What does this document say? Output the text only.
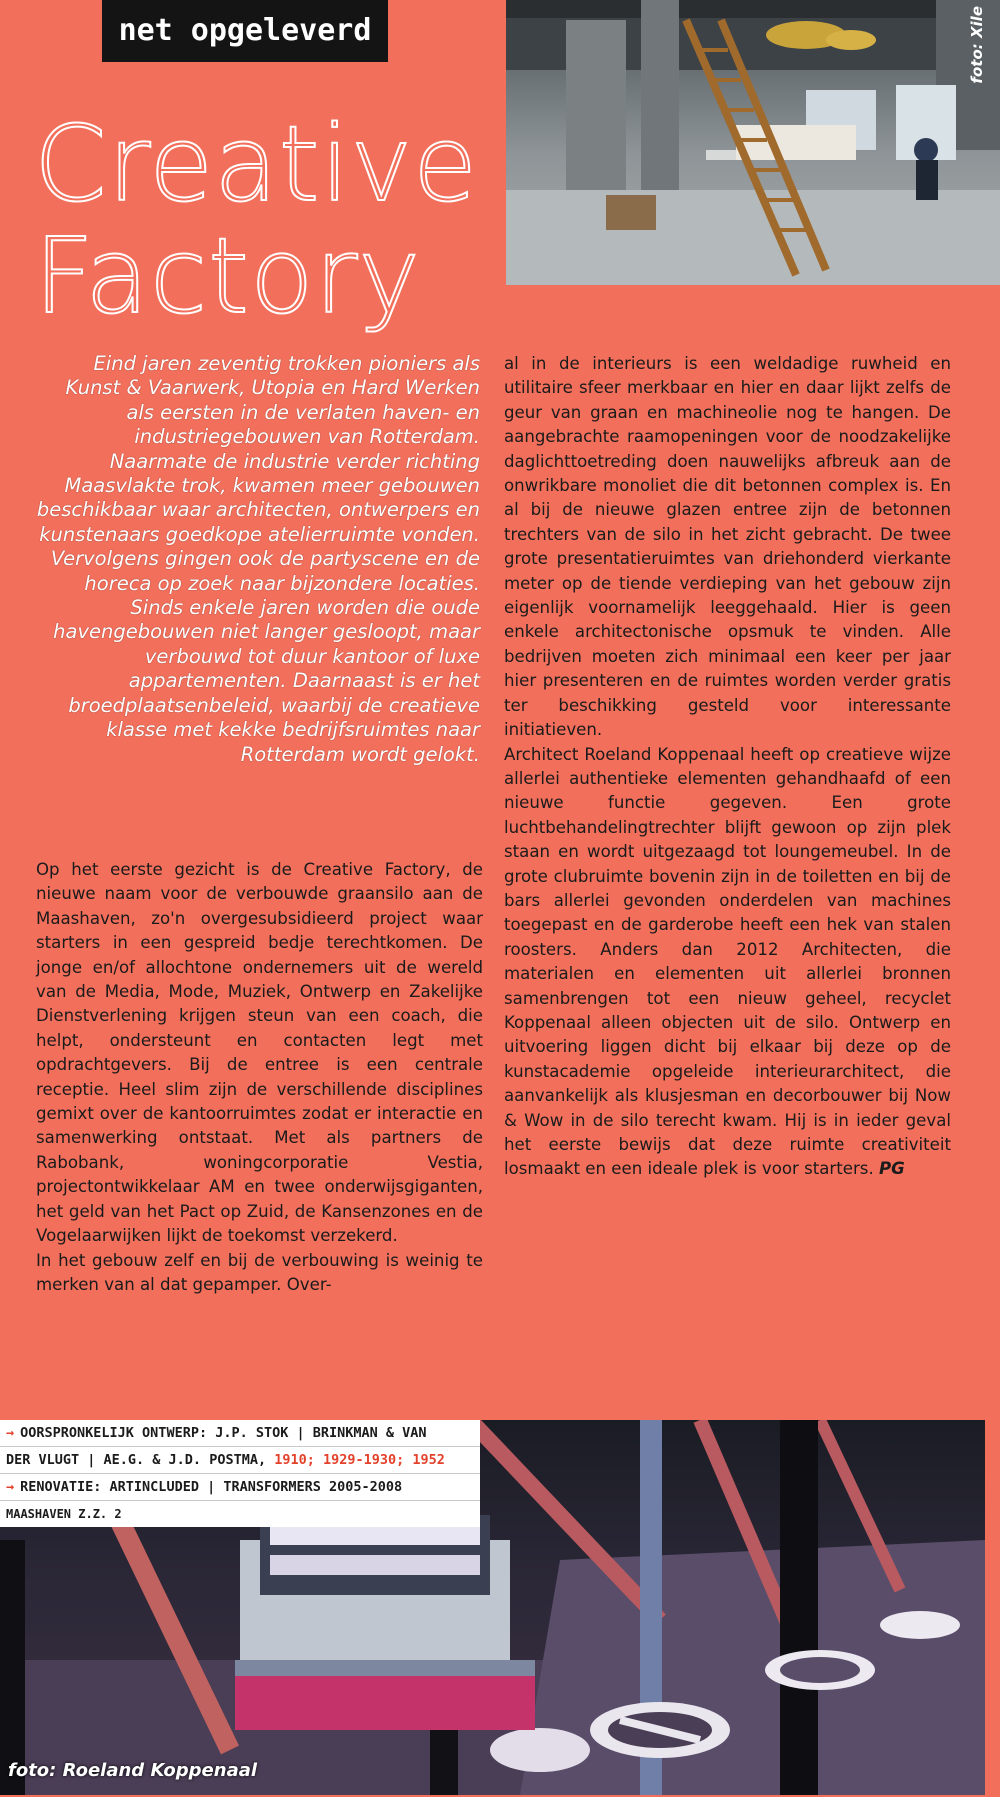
net opgeleverd
Creative
Factory
foto: Xile

Eind jaren zeventig trokken pioniers als Kunst & Vaarwerk, Utopia en Hard Werken als eersten in de verlaten haven- en industriegebouwen van Rotterdam. Naarmate de industrie verder richting Maasvlakte trok, kwamen meer gebouwen beschikbaar waar architecten, ontwerpers en kunstenaars goedkope atelierruimte vonden. Vervolgens gingen ook de partyscene en de horeca op zoek naar bijzondere locaties. Sinds enkele jaren worden die oude havengebouwen niet langer gesloopt, maar verbouwd tot duur kantoor of luxe appartementen. Daarnaast is er het broedplaatsenbeleid, waarbij de creatieve klasse met kekke bedrijfsruimtes naar Rotterdam wordt gelokt.

Op het eerste gezicht is de Creative Factory, de nieuwe naam voor de verbouwde graansilo aan de Maashaven, zo'n overgesubsidieerd project waar starters in een gespreid bedje terechtkomen. De jonge en/of allochtone ondernemers uit de wereld van de Media, Mode, Muziek, Ontwerp en Zakelijke Dienstverlening krijgen steun van een coach, die helpt, ondersteunt en contacten legt met opdrachtgevers. Bij de entree is een centrale receptie. Heel slim zijn de verschillende disciplines gemixt over de kantoorruimtes zodat er interactie en samenwerking ontstaat. Met als partners de Rabobank, woningcorporatie Vestia, projectontwikkelaar AM en twee onderwijsgiganten, het geld van het Pact op Zuid, de Kansenzones en de Vogelaarwijken lijkt de toekomst verzekerd.

In het gebouw zelf en bij de verbouwing is weinig te merken van al dat gepamper. Over-

al in de interieurs is een weldadige ruwheid en utilitaire sfeer merkbaar en hier en daar lijkt zelfs de geur van graan en machineolie nog te hangen. De aangebrachte raamopeningen voor de noodzakelijke daglichttoetreding doen nauwelijks afbreuk aan de onwrikbare monoliet die dit betonnen complex is. En al bij de nieuwe glazen entree zijn de betonnen trechters van de silo in het zicht gebracht. De twee grote presentatieruimtes van driehonderd vierkante meter op de tiende verdieping van het gebouw zijn eigenlijk voornamelijk leeggehaald. Hier is geen enkele architectonische opsmuk te vinden. Alle bedrijven moeten zich minimaal een keer per jaar hier presenteren en de ruimtes worden verder gratis ter beschikking gesteld voor interessante initiatieven.

Architect Roeland Koppenaal heeft op creatieve wijze allerlei authentieke elementen gehandhaafd of een nieuwe functie gegeven. Een grote luchtbehandelingtrechter blijft gewoon op zijn plek staan en wordt uitgezaagd tot loungemeubel. In de grote clubruimte bovenin zijn in de toiletten en bij de bars allerlei gevonden onderdelen van machines toegepast en de garderobe heeft een hek van stalen roosters. Anders dan 2012 Architecten, die materialen en elementen uit allerlei bronnen samenbrengen tot een nieuw geheel, recyclet Koppenaal alleen objecten uit de silo. Ontwerp en uitvoering liggen dicht bij elkaar bij deze op de kunstacademie opgeleide interieurarchitect, die aanvankelijk als klusjesman en decorbouwer bij Now & Wow in de silo terecht kwam. Hij is in ieder geval het eerste bewijs dat deze ruimte creativiteit losmaakt en een ideale plek is voor starters. PG

foto: Roeland Koppenaal
→ OORSPRONKELIJK ONTWERP: J.P. STOK | BRINKMAN & VAN
DER VLUGT | AE.G. & J.D. POSTMA, 1910; 1929-1930; 1952
→ RENOVATIE: ARTINCLUDED | TRANSFORMERS 2005-2008
MAASHAVEN Z.Z. 2
